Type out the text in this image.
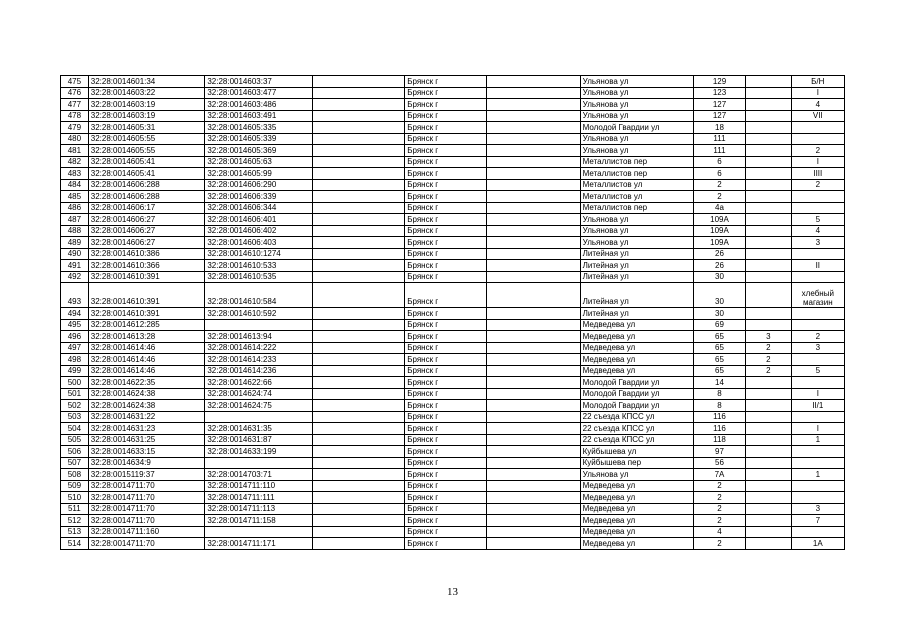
475	32:28:0014601:34	32:28:0014603:37		Брянск г		Ульянова ул	129		Б/Н
476	32:28:0014603:22	32:28:0014603:477		Брянск г		Ульянова ул	123		I
477	32:28:0014603:19	32:28:0014603:486		Брянск г		Ульянова ул	127		4
478	32:28:0014603:19	32:28:0014603:491		Брянск г		Ульянова ул	127		VII
479	32:28:0014605:31	32:28:0014605:335		Брянск г		Молодой Гвардии ул	18		
480	32:28:0014605:55	32:28:0014605:339		Брянск г		Ульянова ул	111		
481	32:28:0014605:55	32:28:0014605:369		Брянск г		Ульянова ул	111		2
482	32:28:0014605:41	32:28:0014605:63		Брянск г		Металлистов пер	6		I
483	32:28:0014605:41	32:28:0014605:99		Брянск г		Металлистов пер	6		IIII
484	32:28:0014606:288	32:28:0014606:290		Брянск г		Металлистов ул	2		2
485	32:28:0014606:288	32:28:0014606:339		Брянск г		Металлистов ул	2		
486	32:28:0014606:17	32:28:0014606:344		Брянск г		Металлистов пер	4а		
487	32:28:0014606:27	32:28:0014606:401		Брянск г		Ульянова ул	109А		5
488	32:28:0014606:27	32:28:0014606:402		Брянск г		Ульянова ул	109А		4
489	32:28:0014606:27	32:28:0014606:403		Брянск г		Ульянова ул	109А		3
490	32:28:0014610:386	32:28:0014610:1274		Брянск г		Литейная ул	26		
491	32:28:0014610:366	32:28:0014610:533		Брянск г		Литейная ул	26		II
492	32:28:0014610:391	32:28:0014610:535		Брянск г		Литейная ул	30		
493	32:28:0014610:391	32:28:0014610:584		Брянск г		Литейная ул	30		хлебный магазин
494	32:28:0014610:391	32:28:0014610:592		Брянск г		Литейная ул	30		
495	32:28:0014612:285			Брянск г		Медведева ул	69		
496	32:28:0014613:28	32:28:0014613:94		Брянск г		Медведева ул	65	3	2
497	32:28:0014614:46	32:28:0014614:222		Брянск г		Медведева ул	65	2	3
498	32:28:0014614:46	32:28:0014614:233		Брянск г		Медведева ул	65	2	
499	32:28:0014614:46	32:28:0014614:236		Брянск г		Медведева ул	65	2	5
500	32:28:0014622:35	32:28:0014622:66		Брянск г		Молодой Гвардии ул	14		
501	32:28:0014624:38	32:28:0014624:74		Брянск г		Молодой Гвардии ул	8		I
502	32:28:0014624:38	32:28:0014624:75		Брянск г		Молодой Гвардии ул	8		II/1
503	32:28:0014631:22			Брянск г		22 съезда КПСС ул	116		
504	32:28:0014631:23	32:28:0014631:35		Брянск г		22 съезда КПСС ул	116		I
505	32:28:0014631:25	32:28:0014631:87		Брянск г		22 съезда КПСС ул	118		1
506	32:28:0014633:15	32:28:0014633:199		Брянск г		Куйбышева ул	97		
507	32:28:0014634:9			Брянск г		Куйбышева пер	56		
508	32:28:0015119:37	32:28:0014703:71		Брянск г		Ульянова ул	7А		1
509	32:28:0014711:70	32:28:0014711:110		Брянск г		Медведева ул	2		
510	32:28:0014711:70	32:28:0014711:111		Брянск г		Медведева ул	2		
511	32:28:0014711:70	32:28:0014711:113		Брянск г		Медведева ул	2		3
512	32:28:0014711:70	32:28:0014711:158		Брянск г		Медведева ул	2		7
513	32:28:0014711:160			Брянск г		Медведева ул	4		
514	32:28:0014711:70	32:28:0014711:171		Брянск г		Медведева ул	2		1А
13
